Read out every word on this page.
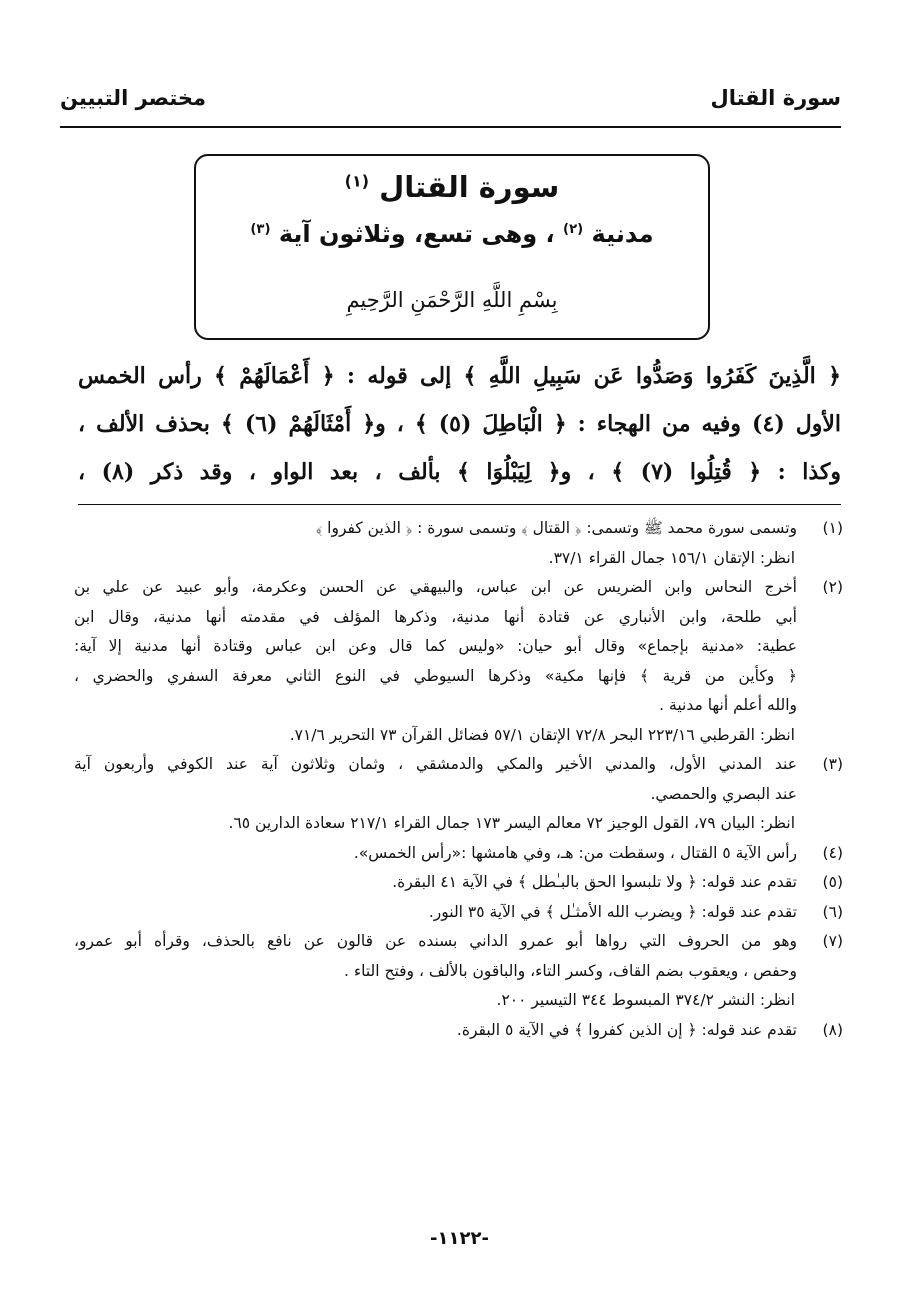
سورة القتال
مختصر التبيين
سورة القتال $^{(١)}$
مدنية $^{(٢)}$ ، وهى تسع، وثلاثون آية $^{(٣)}$
بِسْمِ اللَّهِ الرَّحْمَنِ الرَّحِيمِ
﴿ الَّذِينَ كَفَرُوا وَصَدُّوا عَن سَبِيلِ اللَّهِ ﴾ إلى قوله : ﴿ أَعْمَالَهُمْ ﴾ رأس الخمس
الأول (٤) وفيه من الهجاء : ﴿ الْبَاطِلَ (٥) ﴾ ، و﴿ أَمْثَالَهُمْ (٦) ﴾ بحذف الألف ،
وكذا : ﴿ قُتِلُوا (٧) ﴾ ، و﴿ لِيَبْلُوَا ﴾ بألف ، بعد الواو ، وقد ذكر (٨) ،
(١)
وتسمى سورة محمد ﷺ وتسمى: ﴿ القتال ﴾ وتسمى سورة : ﴿ الذين كفروا ﴾
انظر: الإتقان ١٥٦/١ جمال القراء ٣٧/١.
(٢)
أخرج النحاس وابن الضريس عن ابن عباس، والبيهقي عن الحسن وعكرمة، وأبو عبيد عن علي بن
أبي طلحة، وابن الأنباري عن قتادة أنها مدنية، وذكرها المؤلف في مقدمته أنها مدنية، وقال ابن
عطية: «مدنية بإجماع» وقال أبو حيان: «وليس كما قال وعن ابن عباس وقتادة أنها مدنية إلا آية:
﴿ وكأين من قرية ﴾ فإنها مكية» وذكرها السيوطي في النوع الثاني معرفة السفري والحضري ،
والله أعلم أنها مدنية .
انظر: القرطبي ٢٢٣/١٦ البحر ٧٢/٨ الإتقان ٥٧/١ فضائل القرآن ٧٣ التحرير ٧١/٦.
(٣)
عند المدني الأول، والمدني الأخير والمكي والدمشقي ، وثمان وثلاثون آية عند الكوفي وأربعون آية
عند البصري والحمصي.
انظر: البيان ٧٩، القول الوجيز ٧٢ معالم اليسر ١٧٣ جمال القراء ٢١٧/١ سعادة الدارين ٦٥.
(٤)
رأس الآية ٥ القتال ، وسقطت من: هـ، وفي هامشها :«رأس الخمس».
(٥)
تقدم عند قوله: ﴿ ولا تلبسوا الحق بالبـٰطل ﴾ في الآية ٤١ البقرة.
(٦)
تقدم عند قوله: ﴿ ويضرب الله الأمثـٰل ﴾ في الآية ٣٥ النور.
(٧)
وهو من الحروف التي رواها أبو عمرو الداني بسنده عن قالون عن نافع بالحذف، وقرأه أبو عمرو،
وحفص ، ويعقوب بضم القاف، وكسر التاء، والباقون بالألف ، وفتح التاء .
انظر: النشر ٣٧٤/٢ المبسوط ٣٤٤ التيسير ٢٠٠.
(٨)
تقدم عند قوله: ﴿ إن الذين كفروا ﴾ في الآية ٥ البقرة.
-١١٢٢-
